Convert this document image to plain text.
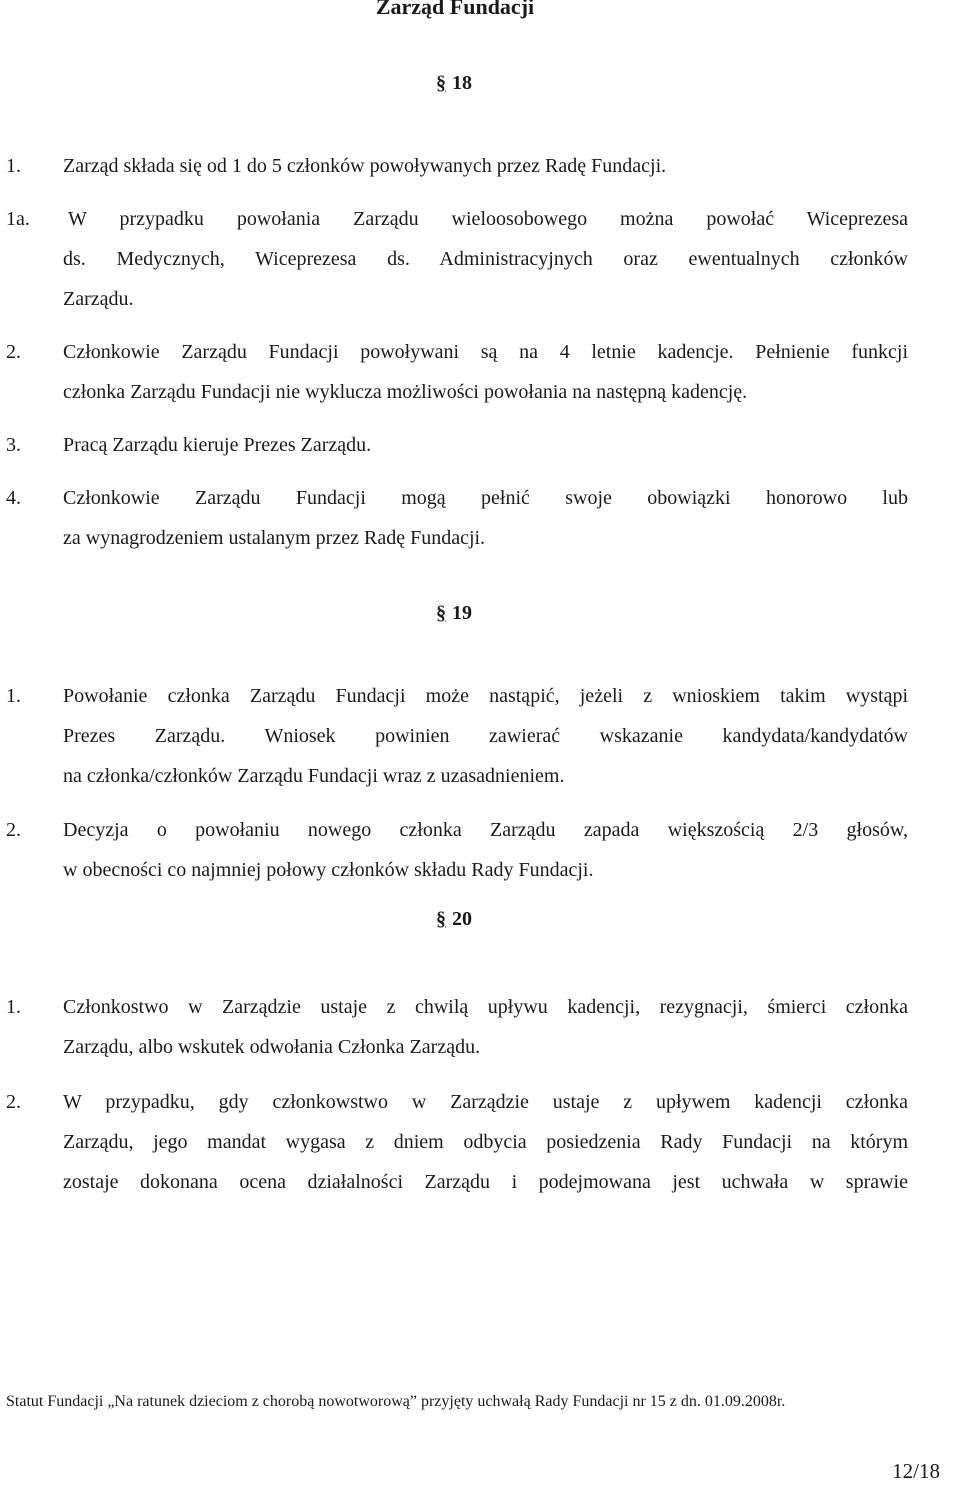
Zarząd Fundacji
§ 18
1. Zarząd składa się od 1 do 5 członków powoływanych przez Radę Fundacji.
1a.	W przypadku powołania Zarządu wieloosobowego można powołać Wiceprezesa
ds. Medycznych, Wiceprezesa ds. Administracyjnych oraz ewentualnych członków
Zarządu.
2. Członkowie Zarządu Fundacji powoływani są na 4 letnie kadencje. Pełnienie funkcji
członka Zarządu Fundacji nie wyklucza możliwości powołania na następną kadencję.
3. Pracą Zarządu kieruje Prezes Zarządu.
4. Członkowie Zarządu Fundacji mogą pełnić swoje obowiązki honorowo lub
za wynagrodzeniem ustalanym przez Radę Fundacji.
§ 19
1. Powołanie członka Zarządu Fundacji może nastąpić, jeżeli z wnioskiem takim wystąpi
Prezes Zarządu. Wniosek powinien zawierać wskazanie kandydata/kandydatów
na członka/członków Zarządu Fundacji wraz z uzasadnieniem.
2. Decyzja o powołaniu nowego członka Zarządu zapada większością 2/3 głosów,
w obecności co najmniej połowy członków składu Rady Fundacji.
§ 20
1. Członkostwo w Zarządzie ustaje z chwilą upływu kadencji, rezygnacji, śmierci członka
Zarządu, albo wskutek odwołania Członka Zarządu.
2. W przypadku, gdy członkowstwo w Zarządzie ustaje z upływem kadencji członka
Zarządu, jego mandat wygasa z dniem odbycia posiedzenia Rady Fundacji na którym
zostaje dokonana ocena działalności Zarządu i podejmowana jest uchwała w sprawie
Statut Fundacji „Na ratunek dzieciom z chorobą nowotworową” przyjęty uchwałą Rady Fundacji nr 15 z dn. 01.09.2008r.
12/18
